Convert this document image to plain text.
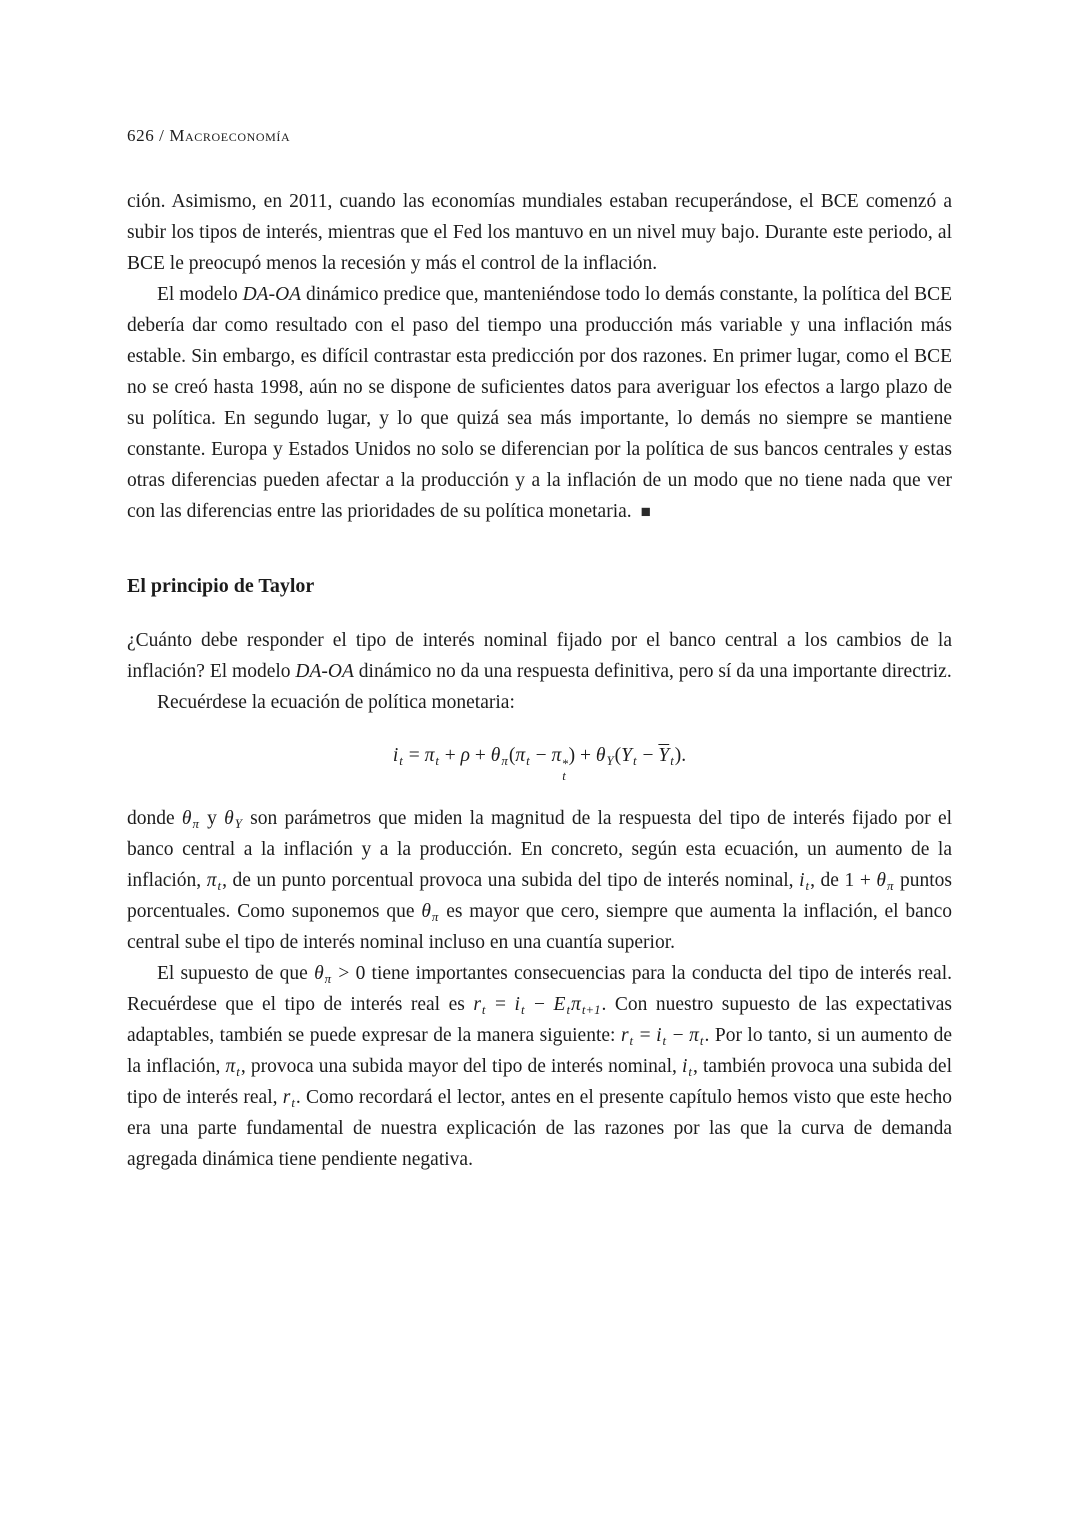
626 / Macroeconomía

ción. Asimismo, en 2011, cuando las economías mundiales estaban recuperándose, el BCE comenzó a subir los tipos de interés, mientras que el Fed los mantuvo en un nivel muy bajo. Durante este periodo, al BCE le preocupó menos la recesión y más el control de la inflación.

El modelo DA-OA dinámico predice que, manteniéndose todo lo demás constante, la política del BCE debería dar como resultado con el paso del tiempo una producción más variable y una inflación más estable. Sin embargo, es difícil contrastar esta predicción por dos razones. En primer lugar, como el BCE no se creó hasta 1998, aún no se dispone de suficientes datos para averiguar los efectos a largo plazo de su política. En segundo lugar, y lo que quizá sea más importante, lo demás no siempre se mantiene constante. Europa y Estados Unidos no solo se diferencian por la política de sus bancos centrales y estas otras diferencias pueden afectar a la producción y a la inflación de un modo que no tiene nada que ver con las diferencias entre las prioridades de su política monetaria. ■

El principio de Taylor

¿Cuánto debe responder el tipo de interés nominal fijado por el banco central a los cambios de la inflación? El modelo DA-OA dinámico no da una respuesta definitiva, pero sí da una importante directriz.

Recuérdese la ecuación de política monetaria:

$i_t = \pi_t + \rho + \theta_\pi(\pi_t - \pi$ *
t
) + $\theta_Y(Y_t - \overline{Y}_t)$.

donde $\theta_\pi$ y $\theta_Y$ son parámetros que miden la magnitud de la respuesta del tipo de interés fijado por el banco central a la inflación y a la producción. En concreto, según esta ecuación, un aumento de la inflación, $\pi_t$, de un punto porcentual provoca una subida del tipo de interés nominal, $i_t$, de $1 + \theta_\pi$ puntos porcentuales. Como suponemos que $\theta_\pi$ es mayor que cero, siempre que aumenta la inflación, el banco central sube el tipo de interés nominal incluso en una cuantía superior.

El supuesto de que $\theta_\pi > 0$ tiene importantes consecuencias para la conducta del tipo de interés real. Recuérdese que el tipo de interés real es $r_t = i_t - E_t\pi_{t+1}$. Con nuestro supuesto de las expectativas adaptables, también se puede expresar de la manera siguiente: $r_t = i_t - \pi_t$. Por lo tanto, si un aumento de la inflación, $\pi_t$, provoca una subida mayor del tipo de interés nominal, $i_t$, también provoca una subida del tipo de interés real, $r_t$. Como recordará el lector, antes en el presente capítulo hemos visto que este hecho era una parte fundamental de nuestra explicación de las razones por las que la curva de demanda agregada dinámica tiene pendiente negativa.
